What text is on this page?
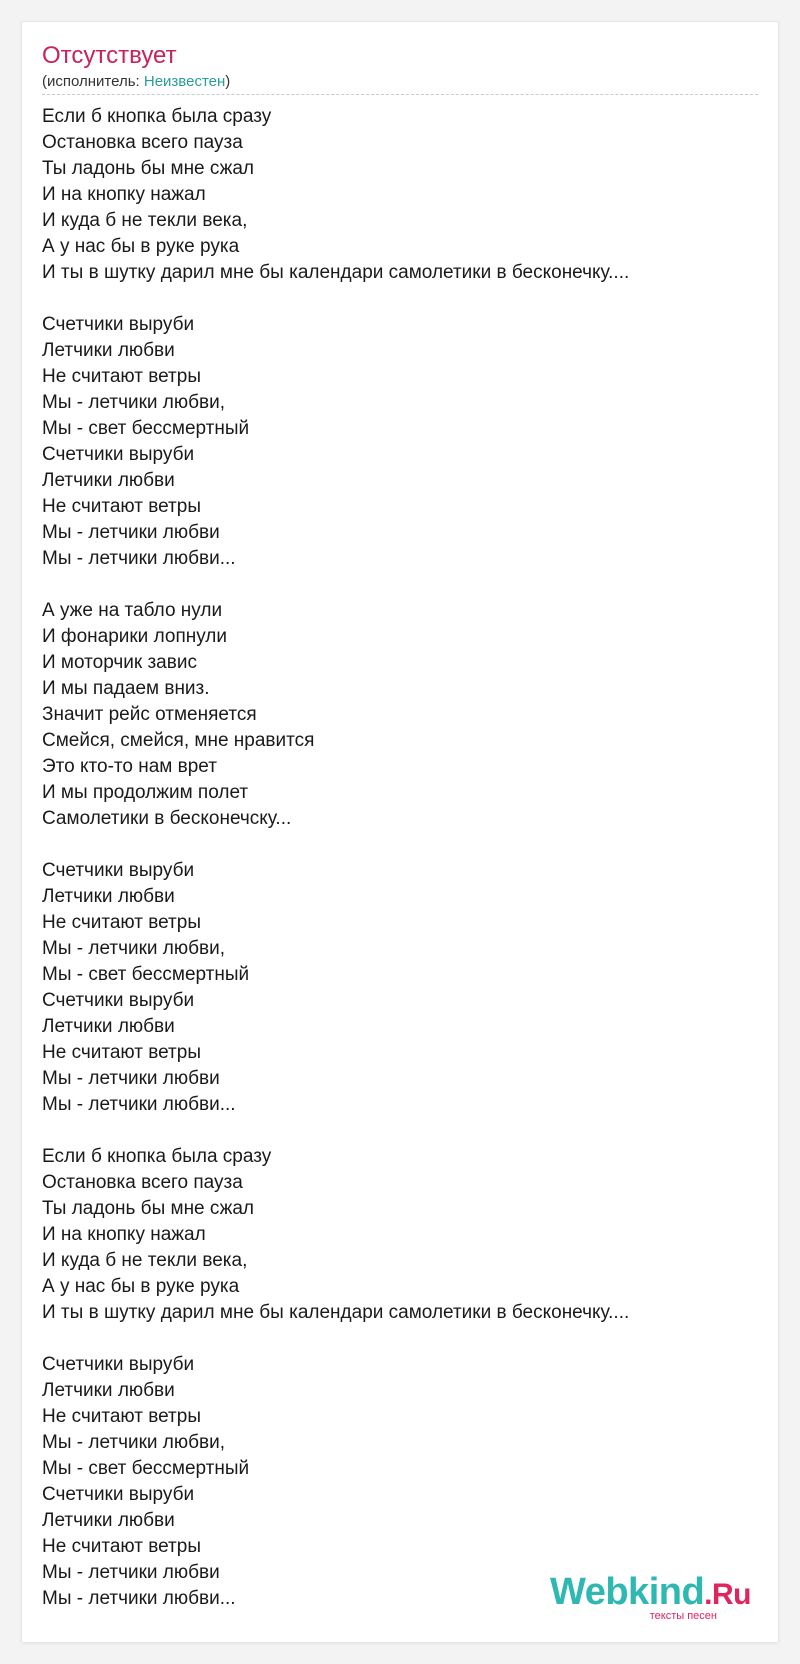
Отсутствует
(исполнитель: Неизвестен)
Если б кнопка была сразу
Остановка всего пауза
Ты ладонь бы мне сжал
И на кнопку нажал
И куда б не текли века,
А у нас бы в руке рука
И ты в шутку дарил мне бы календари самолетики в бесконечку....
Счетчики выруби
Летчики любви
Не считают ветры
Мы - летчики любви,
Мы - свет бессмертный
Счетчики выруби
Летчики любви
Не считают ветры
Мы - летчики любви
Мы - летчики любви...
А уже на табло нули
И фонарики лопнули
И моторчик завис
И мы падаем вниз.
Значит рейс отменяется
Смейся, смейся, мне нравится
Это кто-то нам врет
И мы продолжим полет
Самолетики в бесконечску...
Счетчики выруби
Летчики любви
Не считают ветры
Мы - летчики любви,
Мы - свет бессмертный
Счетчики выруби
Летчики любви
Не считают ветры
Мы - летчики любви
Мы - летчики любви...
Если б кнопка была сразу
Остановка всего пауза
Ты ладонь бы мне сжал
И на кнопку нажал
И куда б не текли века,
А у нас бы в руке рука
И ты в шутку дарил мне бы календари самолетики в бесконечку....
Счетчики выруби
Летчики любви
Не считают ветры
Мы - летчики любви,
Мы - свет бессмертный
Счетчики выруби
Летчики любви
Не считают ветры
Мы - летчики любви
Мы - летчики любви...	Webkind.Ru
тексты песен
